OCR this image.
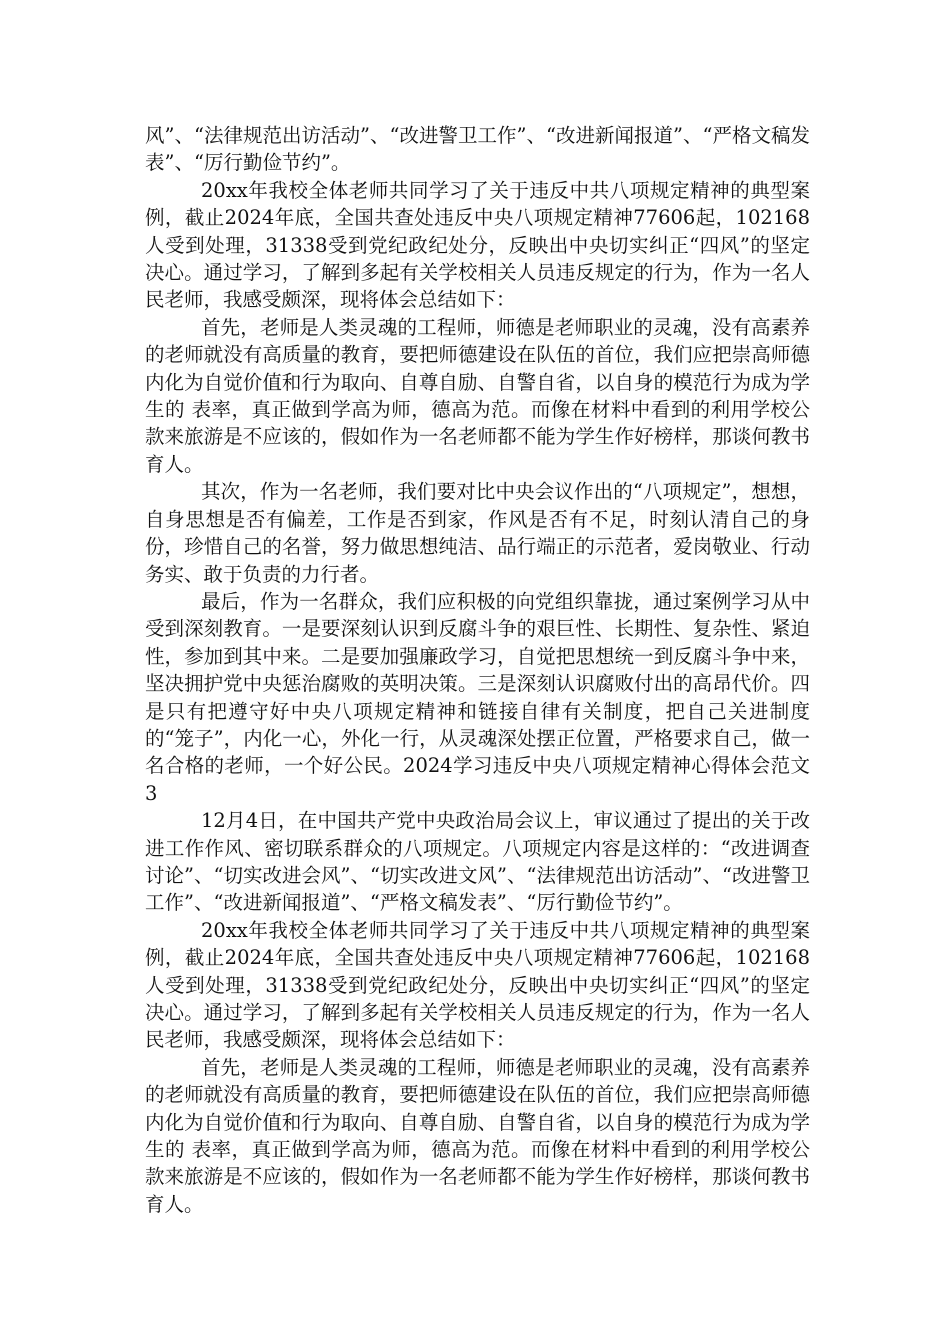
风”、“法律规范出访活动”、“改进警卫工作”、“改进新闻报道”、“严格文稿发表”、“厉行勤俭节约”。

20xx年我校全体老师共同学习了关于违反中共八项规定精神的典型案例，截止2024年底，全国共查处违反中央八项规定精神77606起，102168人受到处理，31338受到党纪政纪处分，反映出中央切实纠正“四风”的坚定决心。通过学习，了解到多起有关学校相关人员违反规定的行为，作为一名人民老师，我感受颇深，现将体会总结如下：

首先，老师是人类灵魂的工程师，师德是老师职业的灵魂，没有高素养的老师就没有高质量的教育，要把师德建设在队伍的首位，我们应把崇高师德内化为自觉价值和行为取向、自尊自励、自警自省，以自身的模范行为成为学生的 表率，真正做到学高为师，德高为范。而像在材料中看到的利用学校公款来旅游是不应该的，假如作为一名老师都不能为学生作好榜样，那谈何教书育人。

其次，作为一名老师，我们要对比中央会议作出的“八项规定”，想想，自身思想是否有偏差，工作是否到家，作风是否有不足，时刻认清自己的身份，珍惜自己的名誉，努力做思想纯洁、品行端正的示范者，爱岗敬业、行动务实、敢于负责的力行者。

最后，作为一名群众，我们应积极的向党组织靠拢，通过案例学习从中受到深刻教育。一是要深刻认识到反腐斗争的艰巨性、长期性、复杂性、紧迫性，参加到其中来。二是要加强廉政学习，自觉把思想统一到反腐斗争中来，坚决拥护党中央惩治腐败的英明决策。三是深刻认识腐败付出的高昂代价。四是只有把遵守好中央八项规定精神和链接自律有关制度，把自己关进制度的“笼子”，内化一心，外化一行，从灵魂深处摆正位置，严格要求自己，做一名合格的老师，一个好公民。2024学习违反中央八项规定精神心得体会范文3

12月4日，在中国共产党中央政治局会议上，审议通过了提出的关于改进工作作风、密切联系群众的八项规定。八项规定内容是这样的：“改进调查讨论”、“切实改进会风”、“切实改进文风”、“法律规范出访活动”、“改进警卫工作”、“改进新闻报道”、“严格文稿发表”、“厉行勤俭节约”。

20xx年我校全体老师共同学习了关于违反中共八项规定精神的典型案例，截止2024年底，全国共查处违反中央八项规定精神77606起，102168人受到处理，31338受到党纪政纪处分，反映出中央切实纠正“四风”的坚定决心。通过学习，了解到多起有关学校相关人员违反规定的行为，作为一名人民老师，我感受颇深，现将体会总结如下：

首先，老师是人类灵魂的工程师，师德是老师职业的灵魂，没有高素养的老师就没有高质量的教育，要把师德建设在队伍的首位，我们应把崇高师德内化为自觉价值和行为取向、自尊自励、自警自省，以自身的模范行为成为学生的 表率，真正做到学高为师，德高为范。而像在材料中看到的利用学校公款来旅游是不应该的，假如作为一名老师都不能为学生作好榜样，那谈何教书育人。
